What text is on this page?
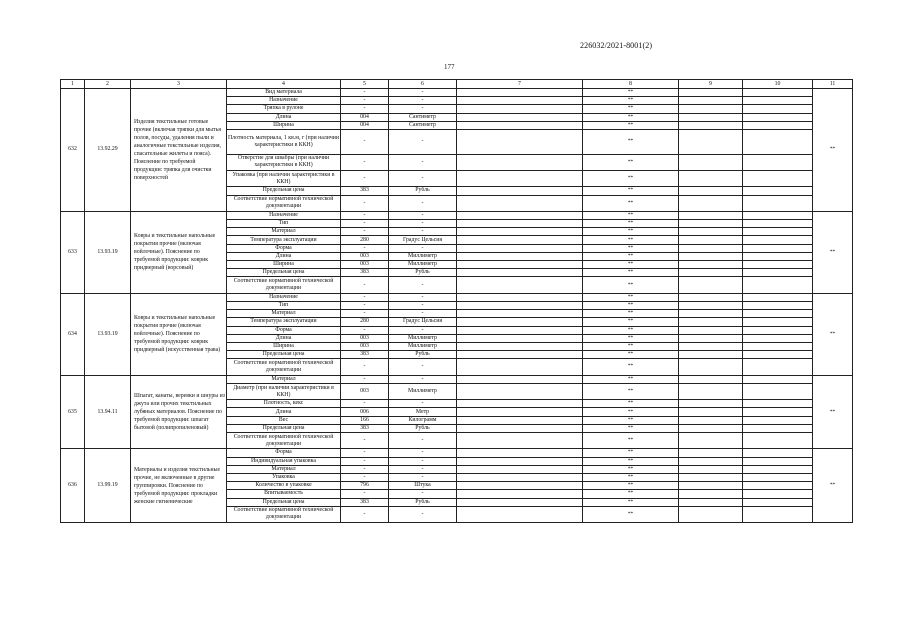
226032/2021-8001(2)
177
1	2	3	4	5	6	7	8	9	10	11
632	13.92.29	Изделия текстильные готовые прочие (включая тряпки для мытья полов, посуды, удаления пыли и аналогичные текстильные изделия, спасательные жилеты и пояса). Пояснение по требуемой продукции: тряпка для очистки поверхностей	Вид материала	-	-		**			**
			Назначение	-	-		**			
			Тряпка в рулоне	-	-		**			
			Длина	004	Сантиметр		**			
			Ширина	004	Сантиметр		**			
			Плотность материала, 1 кв.м, г (при наличии характеристики в ККН)	-	-		**			
			Отверстие для швабры (при наличии характеристики в ККН)	-	-		**			
			Упаковка (при наличии характеристики в ККН)	-	-		**			
			Предельная цена	383	Рубль		**			
			Соответствие нормативной технической документации	-	-		**			
633	13.93.19	Ковры и текстильные напольные покрытия прочие (включая войлочные). Пояснение по требуемой продукции: коврик придверный (ворсовый)	Назначение	-	-		**			**
			Тип	-	-		**			
			Материал	-	-		**			
			Температура эксплуатации	280	Градус Цельсия		**			
			Форма	-	-		**			
			Длина	003	Миллиметр		**			
			Ширина	003	Миллиметр		**			
			Предельная цена	383	Рубль		**			
			Соответствие нормативной технической документации	-	-		**			
634	13.93.19	Ковры и текстильные напольные покрытия прочие (включая войлочные). Пояснение по требуемой продукции: коврик придверный (искусственная трава)	Назначение	-	-		**			**
			Тип	-	-		**			
			Материал	-	-		**			
			Температура эксплуатации	280	Градус Цельсия		**			
			Форма	-	-		**			
			Длина	003	Миллиметр		**			
			Ширина	003	Миллиметр		**			
			Предельная цена	383	Рубль		**			
			Соответствие нормативной технической документации	-	-		**			
635	13.94.11	Шпагат, канаты, веревки и шнуры из джута или прочих текстильных лубяных материалов. Пояснение по требуемой продукции: шпагат бытовой (полипропиленовый)	Материал	-	-		**			**
			Диаметр (при наличии характеристики в ККН)	003	Миллиметр		**			
			Плотность, кекс	-	-		**			
			Длина	006	Метр		**			
			Вес	166	Килограмм		**			
			Предельная цена	383	Рубль		**			
			Соответствие нормативной технической документации	-	-		**			
636	13.99.19	Материалы и изделия текстильные прочие, не включенные в другие группировки. Пояснение по требуемой продукции: прокладки женские гигиенические	Форма	-	-		**			**
			Индивидуальная упаковка	-	-		**			
			Материал	-	-		**			
			Упаковка	-	-		**			
			Количество в упаковке	796	Штука		**			
			Впитываемость	-	-		**			
			Предельная цена	383	Рубль		**			
			Соответствие нормативной технической документации	-	-		**			
